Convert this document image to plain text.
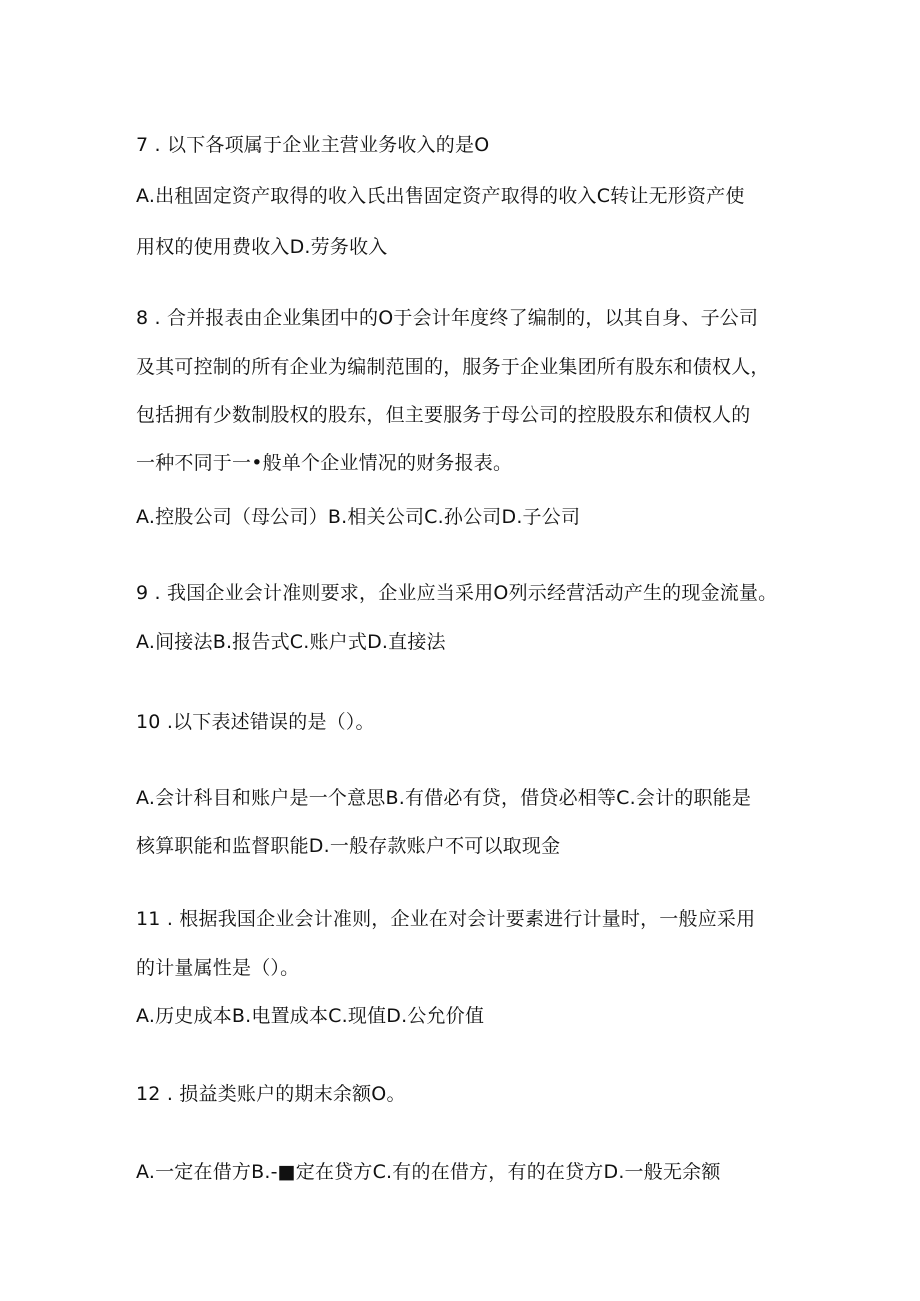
7 . 以下各项属于企业主营业务收入的是O
A.出租固定资产取得的收入氏出售固定资产取得的收入C转让无形资产使
用权的使用费收入D.劳务收入
8 . 合并报表由企业集团中的O于会计年度终了编制的，以其自身、子公司
及其可控制的所有企业为编制范围的，服务于企业集团所有股东和债权人，
包括拥有少数制股权的股东，但主要服务于母公司的控股股东和债权人的
一种不同于一•般单个企业情况的财务报表。
A.控股公司（母公司）B.相关公司C.孙公司D.子公司
9 . 我国企业会计准则要求，企业应当采用O列示经营活动产生的现金流量。
A.间接法B.报告式C.账户式D.直接法
10 .以下表述错误的是（）。
A.会计科目和账户是一个意思B.有借必有贷，借贷必相等C.会计的职能是
核算职能和监督职能D.一般存款账户不可以取现金
11 . 根据我国企业会计准则，企业在对会计要素进行计量时，一般应采用
的计量属性是（）。
A.历史成本B.电置成本C.现值D.公允价值
12 . 损益类账户的期末余额O。
A.一定在借方B.-■定在贷方C.有的在借方，有的在贷方D.一般无余额
